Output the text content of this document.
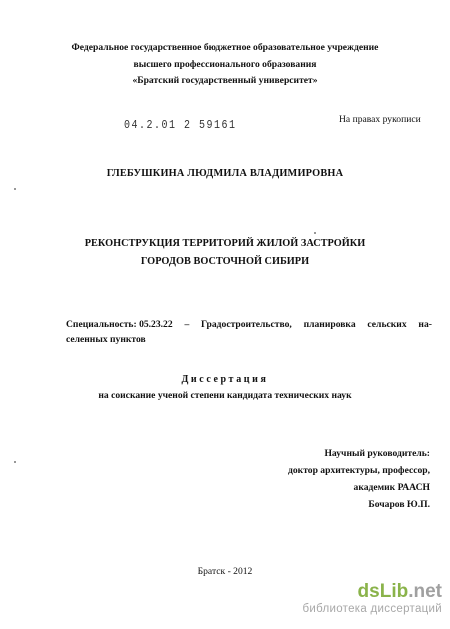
Федеральное государственное бюджетное образовательное учреждение
высшего профессионального образования
«Братский государственный университет»
На правах рукописи
04.2.01 2 59161
ГЛЕБУШКИНА ЛЮДМИЛА ВЛАДИМИРОВНА
РЕКОНСТРУКЦИЯ ТЕРРИТОРИЙ ЖИЛОЙ ЗАСТРОЙКИ
ГОРОДОВ ВОСТОЧНОЙ СИБИРИ
Специальность: 05.23.22 – Градостроительство, планировка сельских на-
селенных пунктов
Диссертация
на соискание ученой степени кандидата технических наук
Научный руководитель:
доктор архитектуры, профессор,
академик РААСН
Бочаров Ю.П.
Братск - 2012
dsLib.net
библиотека диссертаций
